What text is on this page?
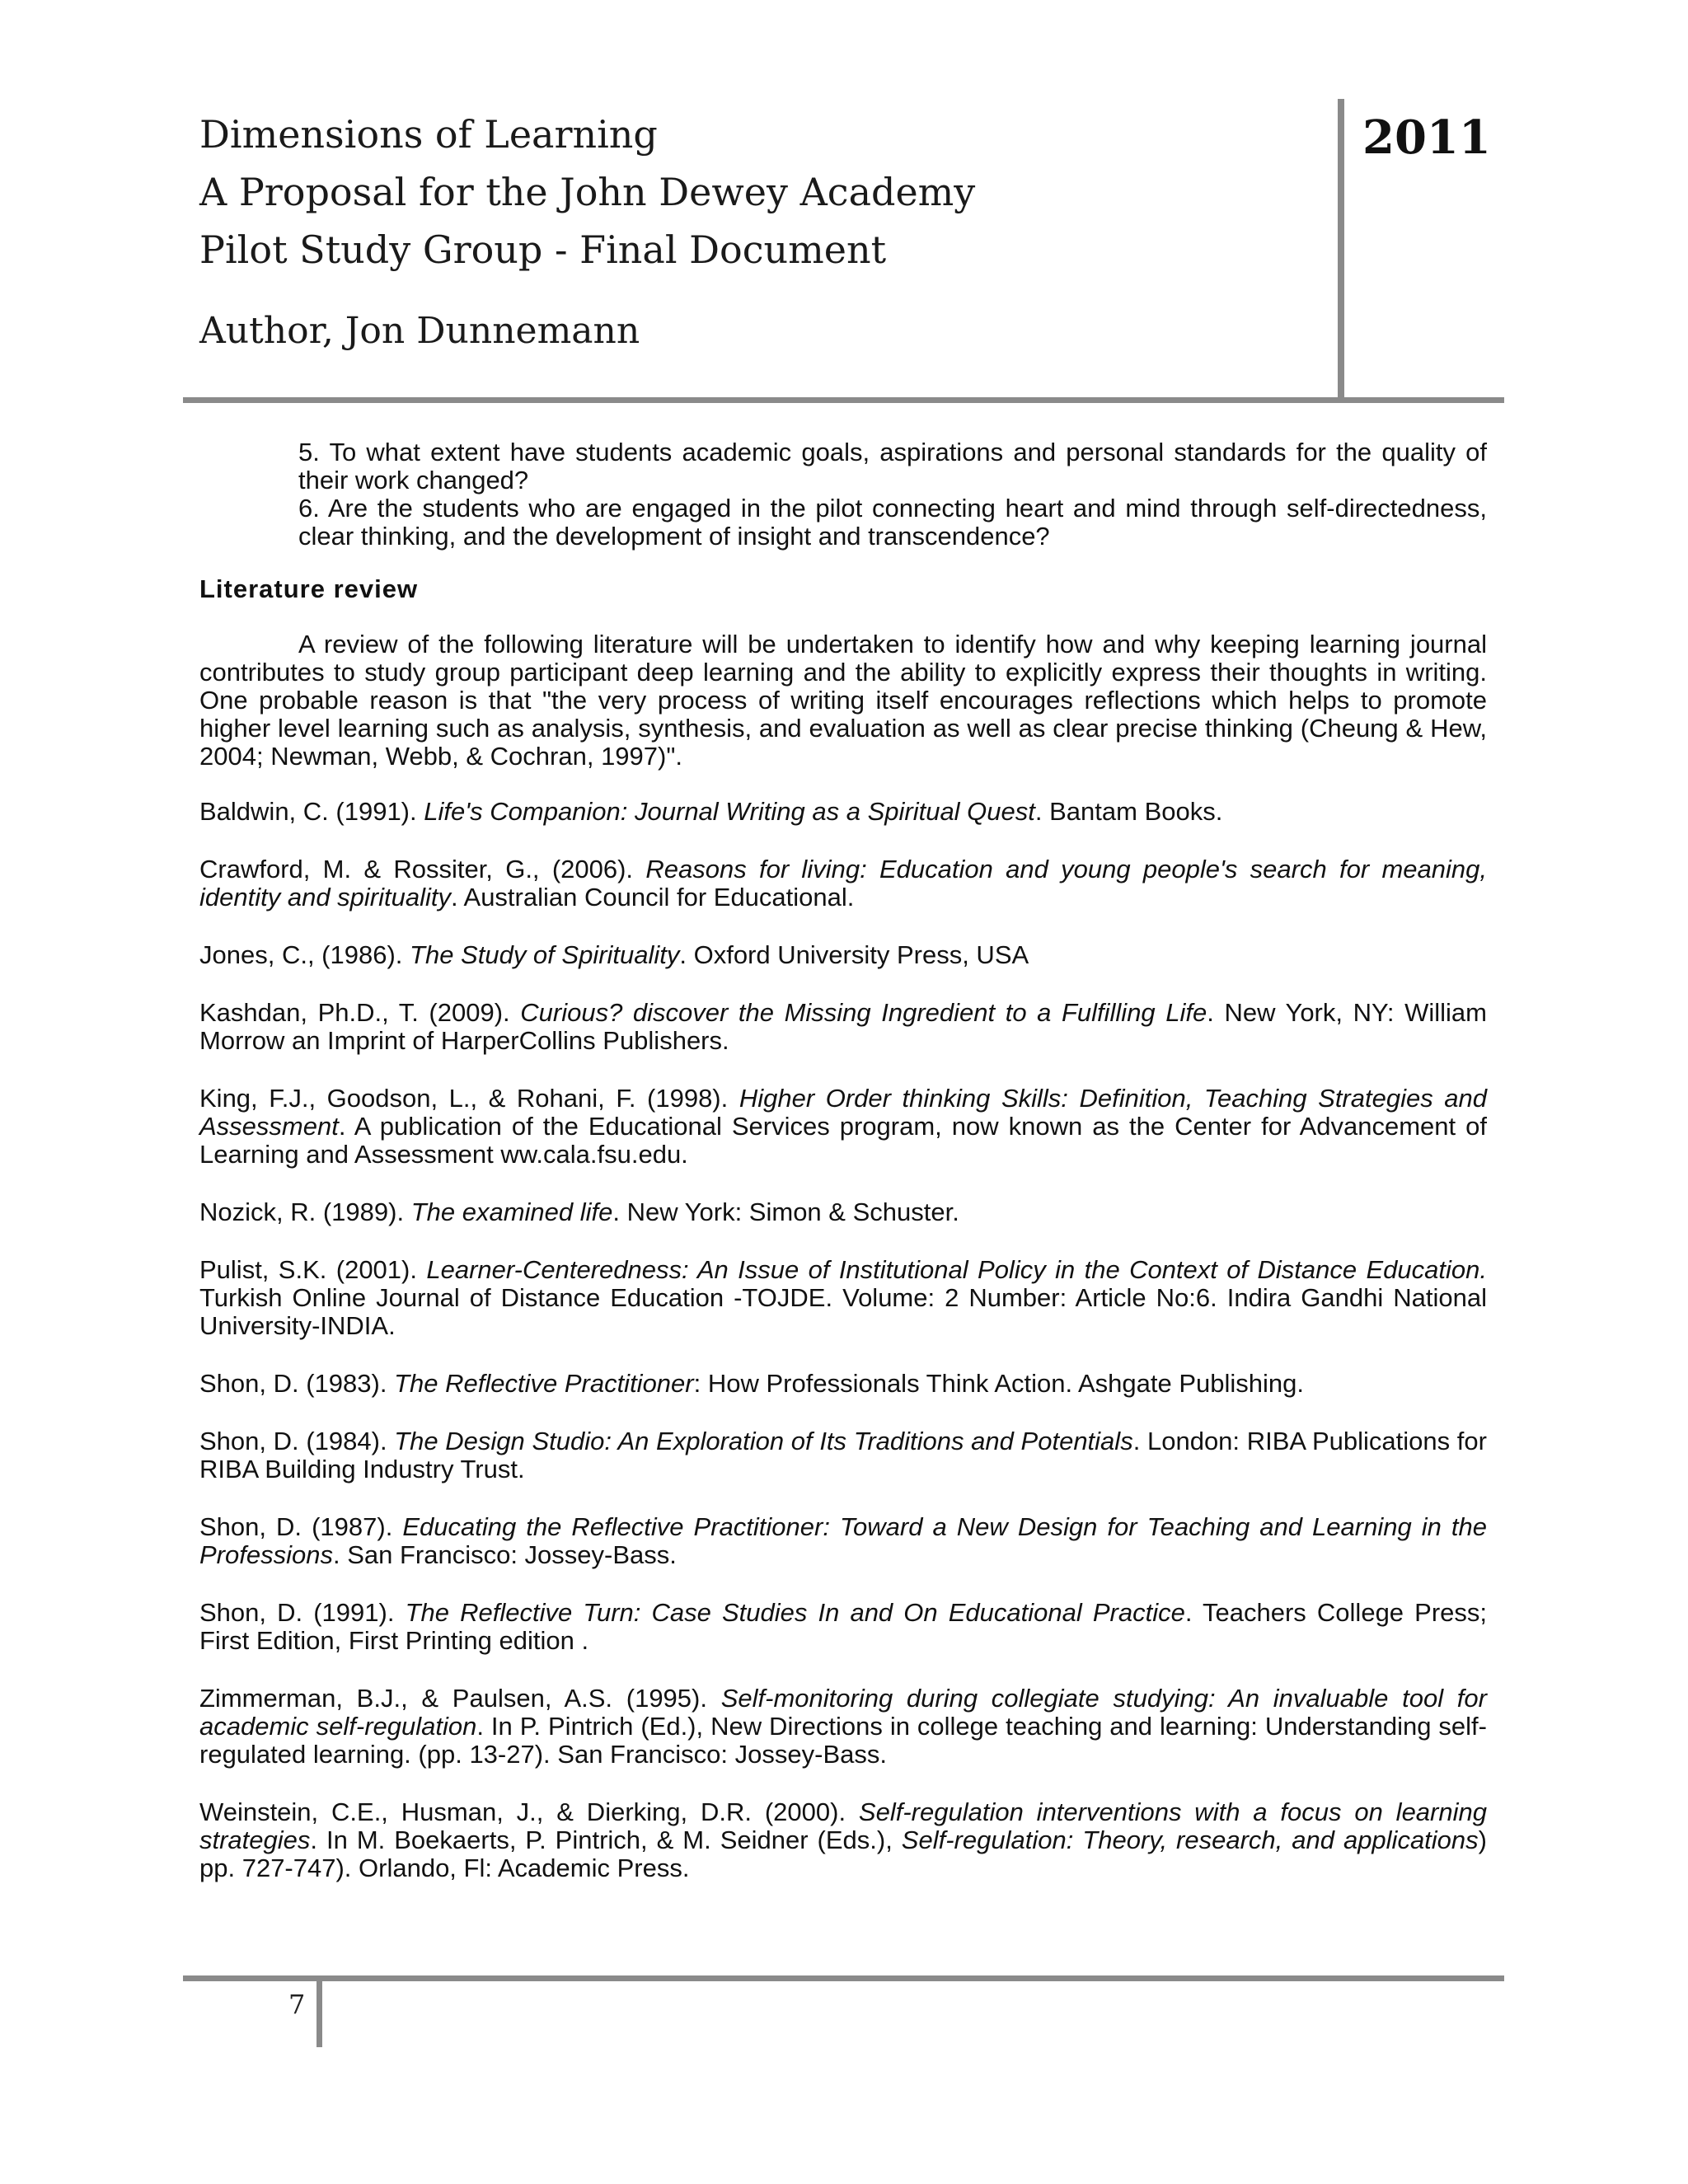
Dimensions of Learning
A Proposal for the John Dewey Academy
Pilot Study Group - Final Document
Author, Jon Dunnemann
2011

5. To what extent have students academic goals, aspirations and personal standards for the quality of their work changed?

6. Are the students who are engaged in the pilot connecting heart and mind through self-directedness, clear thinking, and the development of insight and transcendence?

Literature review

A review of the following literature will be undertaken to identify how and why keeping learning journal contributes to study group participant deep learning and the ability to explicitly express their thoughts in writing. One probable reason is that "the very process of writing itself encourages reflections which helps to promote higher level learning such as analysis, synthesis, and evaluation as well as clear precise thinking (Cheung & Hew, 2004; Newman, Webb, & Cochran, 1997)".

Baldwin, C. (1991). Life's Companion: Journal Writing as a Spiritual Quest. Bantam Books.

Crawford, M. & Rossiter, G., (2006). Reasons for living: Education and young people's search for meaning, identity and spirituality. Australian Council for Educational.

Jones, C., (1986). The Study of Spirituality. Oxford University Press, USA

Kashdan, Ph.D., T. (2009). Curious? discover the Missing Ingredient to a Fulfilling Life. New York, NY: William Morrow an Imprint of HarperCollins Publishers.

King, F.J., Goodson, L., & Rohani, F. (1998). Higher Order thinking Skills: Definition, Teaching Strategies and Assessment. A publication of the Educational Services program, now known as the Center for Advancement of Learning and Assessment ww.cala.fsu.edu.

Nozick, R. (1989). The examined life. New York: Simon & Schuster.

Pulist, S.K. (2001). Learner-Centeredness: An Issue of Institutional Policy in the Context of Distance Education. Turkish Online Journal of Distance Education -TOJDE. Volume: 2 Number: Article No:6. Indira Gandhi National University-INDIA.

Shon, D. (1983). The Reflective Practitioner: How Professionals Think Action. Ashgate Publishing.

Shon, D. (1984). The Design Studio: An Exploration of Its Traditions and Potentials. London: RIBA Publications for RIBA Building Industry Trust.

Shon, D. (1987). Educating the Reflective Practitioner: Toward a New Design for Teaching and Learning in the Professions. San Francisco: Jossey-Bass.

Shon, D. (1991). The Reflective Turn: Case Studies In and On Educational Practice. Teachers College Press; First Edition, First Printing edition .

Zimmerman, B.J., & Paulsen, A.S. (1995). Self-monitoring during collegiate studying: An invaluable tool for academic self-regulation. In P. Pintrich (Ed.), New Directions in college teaching and learning: Understanding self-regulated learning. (pp. 13-27). San Francisco: Jossey-Bass.

Weinstein, C.E., Husman, J., & Dierking, D.R. (2000). Self-regulation interventions with a focus on learning strategies. In M. Boekaerts, P. Pintrich, & M. Seidner (Eds.), Self-regulation: Theory, research, and applications) pp. 727-747). Orlando, Fl: Academic Press.

7
